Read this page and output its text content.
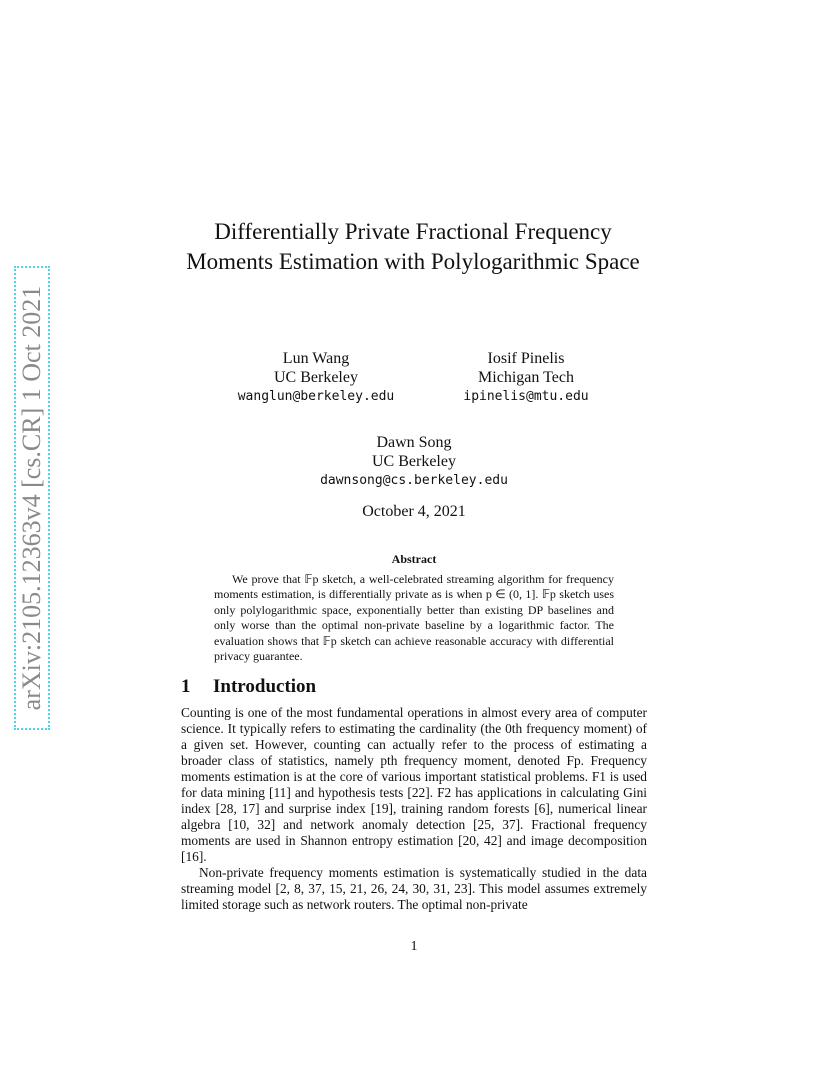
arXiv:2105.12363v4 [cs.CR] 1 Oct 2021
Differentially Private Fractional Frequency Moments Estimation with Polylogarithmic Space
Lun Wang
UC Berkeley
wanglun@berkeley.edu
Iosif Pinelis
Michigan Tech
ipinelis@mtu.edu
Dawn Song
UC Berkeley
dawnsong@cs.berkeley.edu
October 4, 2021
Abstract
We prove that 𝔽p sketch, a well-celebrated streaming algorithm for frequency moments estimation, is differentially private as is when p ∈ (0, 1]. 𝔽p sketch uses only polylogarithmic space, exponentially better than existing DP baselines and only worse than the optimal non-private baseline by a logarithmic factor. The evaluation shows that 𝔽p sketch can achieve reasonable accuracy with differential privacy guarantee.
1 Introduction

Counting is one of the most fundamental operations in almost every area of computer science. It typically refers to estimating the cardinality (the 0th frequency moment) of a given set. However, counting can actually refer to the process of estimating a broader class of statistics, namely pth frequency moment, denoted Fp. Frequency moments estimation is at the core of various important statistical problems. F1 is used for data mining [11] and hypothesis tests [22]. F2 has applications in calculating Gini index [28, 17] and surprise index [19], training random forests [6], numerical linear algebra [10, 32] and network anomaly detection [25, 37]. Fractional frequency moments are used in Shannon entropy estimation [20, 42] and image decomposition [16].

Non-private frequency moments estimation is systematically studied in the data streaming model [2, 8, 37, 15, 21, 26, 24, 30, 31, 23]. This model assumes extremely limited storage such as network routers. The optimal non-private

1
